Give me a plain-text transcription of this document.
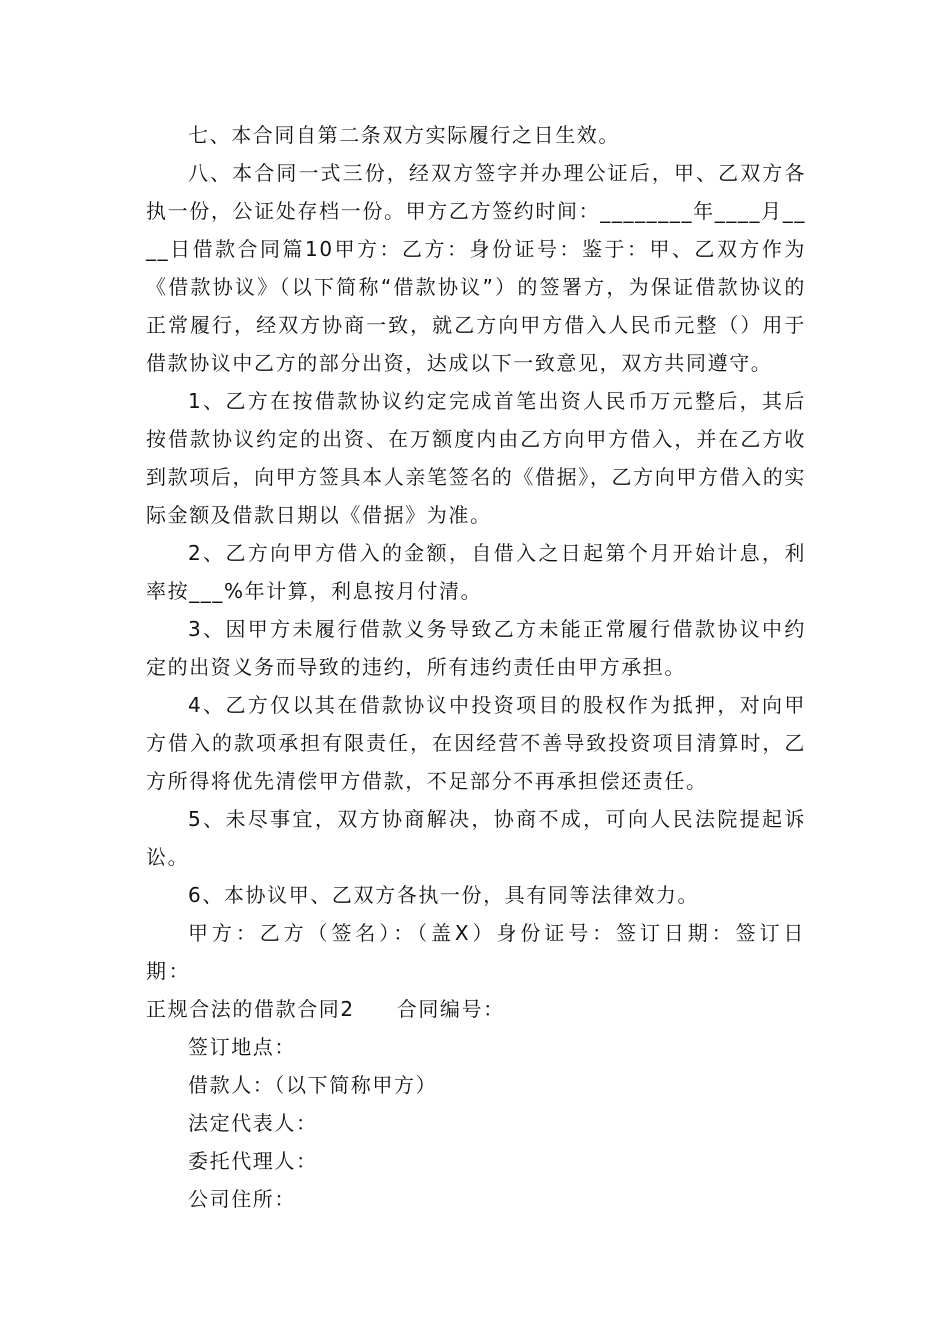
七、本合同自第二条双方实际履行之日生效。

八、本合同一式三份，经双方签字并办理公证后，甲、乙双方各执一份，公证处存档一份。甲方乙方签约时间：________年____月____日借款合同篇10甲方：乙方：身份证号：鉴于：甲、乙双方作为《借款协议》（以下简称“借款协议”）的签署方，为保证借款协议的正常履行，经双方协商一致，就乙方向甲方借入人民币元整（）用于借款协议中乙方的部分出资，达成以下一致意见，双方共同遵守。

1、乙方在按借款协议约定完成首笔出资人民币万元整后，其后按借款协议约定的出资、在万额度内由乙方向甲方借入，并在乙方收到款项后，向甲方签具本人亲笔签名的《借据》，乙方向甲方借入的实际金额及借款日期以《借据》为准。

2、乙方向甲方借入的金额，自借入之日起第个月开始计息，利率按___%年计算，利息按月付清。

3、因甲方未履行借款义务导致乙方未能正常履行借款协议中约定的出资义务而导致的违约，所有违约责任由甲方承担。

4、乙方仅以其在借款协议中投资项目的股权作为抵押，对向甲方借入的款项承担有限责任，在因经营不善导致投资项目清算时，乙方所得将优先清偿甲方借款，不足部分不再承担偿还责任。

5、未尽事宜，双方协商解决，协商不成，可向人民法院提起诉讼。

6、本协议甲、乙双方各执一份，具有同等法律效力。

甲方：乙方（签名）：（盖X）身份证号：签订日期：签订日期：

正规合法的借款合同2 合同编号：

签订地点：

借款人：（以下简称甲方）

法定代表人：

委托代理人：

公司住所：
